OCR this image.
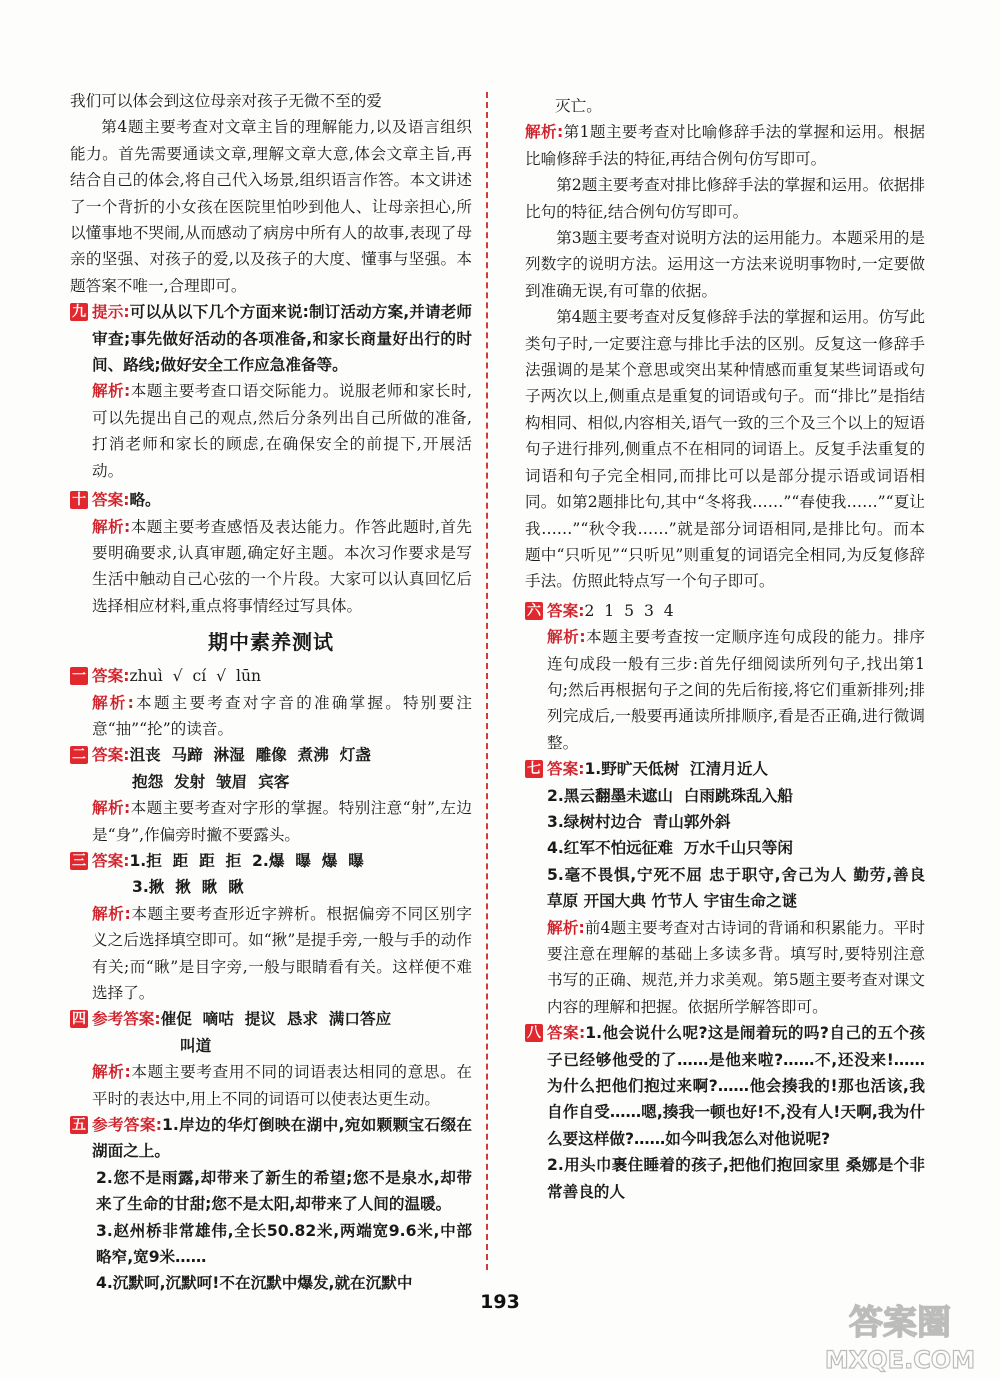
我们可以体会到这位母亲对孩子无微不至的爱

第4题主要考查对文章主旨的理解能力,以及语言组织能力。首先需要通读文章,理解文章大意,体会文章主旨,再结合自己的体会,将自己代入场景,组织语言作答。本文讲述了一个背折的小女孩在医院里怕吵到他人、让母亲担心,所以懂事地不哭闹,从而感动了病房中所有人的故事,表现了母亲的坚强、对孩子的爱,以及孩子的大度、懂事与坚强。本题答案不唯一,合理即可。

九 提示:可以从以下几个方面来说:制订活动方案,并请老师审查;事先做好活动的各项准备,和家长商量好出行的时间、路线;做好安全工作应急准备等。

解析:本题主要考查口语交际能力。说服老师和家长时,可以先提出自己的观点,然后分条列出自己所做的准备,打消老师和家长的顾虑,在确保安全的前提下,开展活动。

十 答案:略。

解析:本题主要考查感悟及表达能力。作答此题时,首先要明确要求,认真审题,确定好主题。本次习作要求是写生活中触动自己心弦的一个片段。大家可以认真回忆后选择相应材料,重点将事情经过写具体。

期中素养测试
一 答案:zhuì  √  cí  √  lūn

解析:本题主要考查对字音的准确掌握。特别要注意“抽”“抡”的读音。

二 答案:沮丧  马蹄  淋湿  雕像  煮沸  灯盏

抱怨  发射  皱眉  宾客

解析:本题主要考查对字形的掌握。特别注意“射”,左边是“身”,作偏旁时撇不要露头。

三 答案:1.拒  距  距  拒 2.爆  曝  爆  曝

3.揪  揪  瞅  瞅

解析:本题主要考查形近字辨析。根据偏旁不同区别字义之后选择填空即可。如“揪”是提手旁,一般与手的动作有关;而“瞅”是目字旁,一般与眼睛看有关。这样便不难选择了。

四 参考答案:催促  嘀咕  提议  恳求  满口答应

叫道

解析:本题主要考查用不同的词语表达相同的意思。在平时的表达中,用上不同的词语可以使表达更生动。

五 参考答案:1.岸边的华灯倒映在湖中,宛如颗颗宝石缀在湖面之上。

2.您不是雨露,却带来了新生的希望;您不是泉水,却带来了生命的甘甜;您不是太阳,却带来了人间的温暖。

3.赵州桥非常雄伟,全长50.82米,两端宽9.6米,中部略窄,宽9米……

4.沉默呵,沉默呵!不在沉默中爆发,就在沉默中

灭亡。

解析:第1题主要考查对比喻修辞手法的掌握和运用。根据比喻修辞手法的特征,再结合例句仿写即可。

第2题主要考查对排比修辞手法的掌握和运用。依据排比句的特征,结合例句仿写即可。

第3题主要考查对说明方法的运用能力。本题采用的是列数字的说明方法。运用这一方法来说明事物时,一定要做到准确无误,有可靠的依据。

第4题主要考查对反复修辞手法的掌握和运用。仿写此类句子时,一定要注意与排比手法的区别。反复这一修辞手法强调的是某个意思或突出某种情感而重复某些词语或句子两次以上,侧重点是重复的词语或句子。而“排比”是指结构相同、相似,内容相关,语气一致的三个及三个以上的短语句子进行排列,侧重点不在相同的词语上。反复手法重复的词语和句子完全相同,而排比可以是部分提示语或词语相同。如第2题排比句,其中“冬将我……”“春使我……”“夏让我……”“秋令我……”就是部分词语相同,是排比句。而本题中“只听见”“只听见”则重复的词语完全相同,为反复修辞手法。仿照此特点写一个句子即可。

六 答案:2  1  5  3  4

解析:本题主要考查按一定顺序连句成段的能力。排序连句成段一般有三步:首先仔细阅读所列句子,找出第1句;然后再根据句子之间的先后衔接,将它们重新排列;排列完成后,一般要再通读所排顺序,看是否正确,进行微调整。

七 答案:1.野旷天低树  江清月近人

2.黑云翻墨未遮山  白雨跳珠乱入船

3.绿树村边合  青山郭外斜

4.红军不怕远征难  万水千山只等闲

5.毫不畏惧,宁死不屈 忠于职守,舍己为人 勤劳,善良 草原 开国大典 竹节人 宇宙生命之谜

解析:前4题主要考查对古诗词的背诵和积累能力。平时要注意在理解的基础上多读多背。填写时,要特别注意书写的正确、规范,并力求美观。第5题主要考查对课文内容的理解和把握。依据所学解答即可。

八 答案:1.他会说什么呢?这是闹着玩的吗?自己的五个孩子已经够他受的了……是他来啦?……不,还没来!……为什么把他们抱过来啊?……他会揍我的!那也活该,我自作自受……嗯,揍我一顿也好!不,没有人!天啊,我为什么要这样做?……如今叫我怎么对他说呢?

2.用头巾裹住睡着的孩子,把他们抱回家里 桑娜是个非常善良的人

193
答案圈
MXQE.COM
